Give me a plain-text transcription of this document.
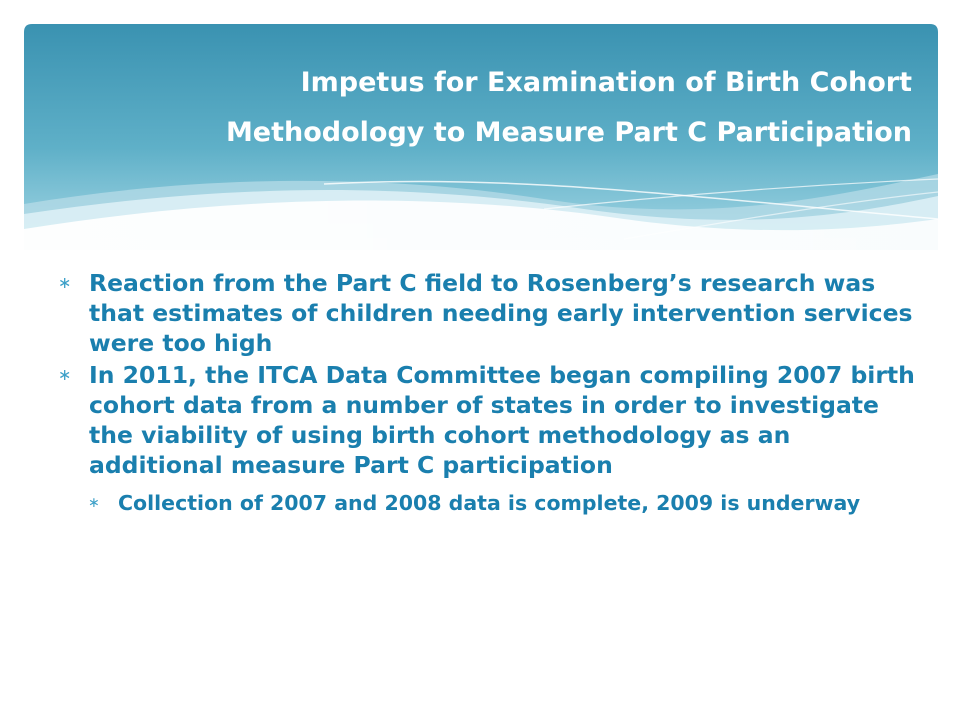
Impetus for Examination of Birth Cohort
Methodology to Measure Part C Participation
∗ Reaction from the Part C field to Rosenberg’s research was that estimates of children needing early intervention services were too high
∗ In 2011, the ITCA Data Committee began compiling 2007 birth cohort data from a number of states in order to investigate the viability of using birth cohort methodology as an additional measure Part C participation
∗ Collection of 2007 and 2008 data is complete, 2009 is underway
